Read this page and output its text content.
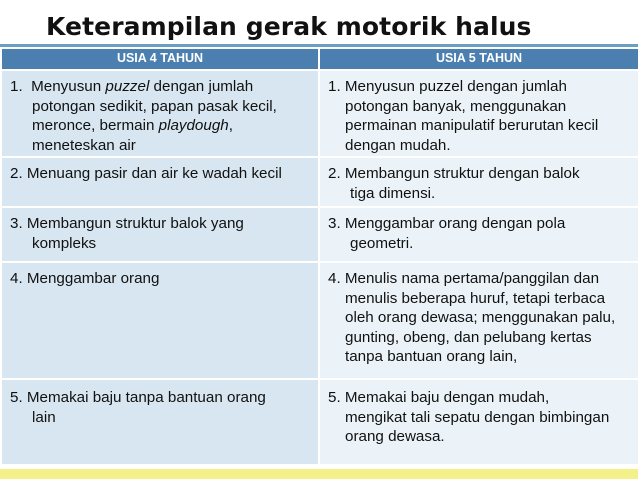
Keterampilan gerak motorik halus
USIA 4 TAHUN	USIA 5 TAHUN
1. Menyusun puzzel dengan jumlah
potongan sedikit, papan pasak kecil,
meronce, bermain playdough,
meneteskan air	1. Menyusun puzzel dengan jumlah
potongan banyak, menggunakan
permainan manipulatif berurutan kecil
dengan mudah.

2. Menuang pasir dan air ke wadah kecil	2. Membangun struktur dengan balok
tiga dimensi.

3. Membangun struktur balok yang
kompleks	3. Menggambar orang dengan pola
geometri.

4. Menggambar orang	4. Menulis nama pertama/panggilan dan
menulis beberapa huruf, tetapi terbaca
oleh orang dewasa; menggunakan palu,
gunting, obeng, dan pelubang kertas
tanpa bantuan orang lain,

5. Memakai baju tanpa bantuan orang
lain	5. Memakai baju dengan mudah,
mengikat tali sepatu dengan bimbingan
orang dewasa.
